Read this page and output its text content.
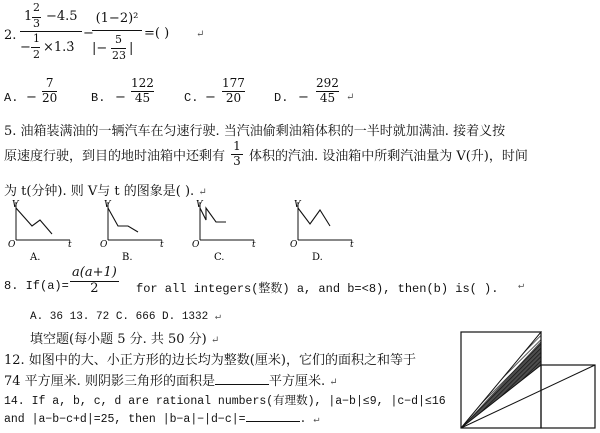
2.
1
2
3 −4.5
−
1
2 ×1.3̇
−
(1−2)²
|−
5
23 |
=( )	↵
A. − $\frac{7}{20}$	B. − $\frac{122}{45}$	C. − $\frac{177}{20} D$. − $\frac{292}{45}$ ↵
5. 油箱装满油的一辆汽车在匀速行驶. 当汽油偷剩油箱体积的一半时就加满油. 接着义按
原速度行驶，到目的地时油箱中还剩有 $\frac{1}{3}$ 体积的汽油. 设油箱中所剩汽油量为 V(升)，时间
为 t(分钟). 则 V与 t 的图象是( ). ↵
V
O	t
A.
V
O	t
B.
V
O	t
C.
V
O	t
D.
8. $If(a)= \frac{a(a+1)}{2}$ for all integers(整数) a, and b=<8), then(b) is( ). ↵
A. 36 13. 72 C. 666 D. 1332 ↵
填空题(每小题 5 分. 共 50 分) ↵
12. 如图中的大、小正方形的边长均为整数(厘米)，它们的面积之和等于
74 平方厘米. 则阴影三角形的面积是	平方厘米. ↵
14. If a, b, c, d are rational numbers(有理数), |a−b|≤9, |c−d|≤16
and |a−b−c+d|=25, then |b−a|−|d−c|=	. ↵
